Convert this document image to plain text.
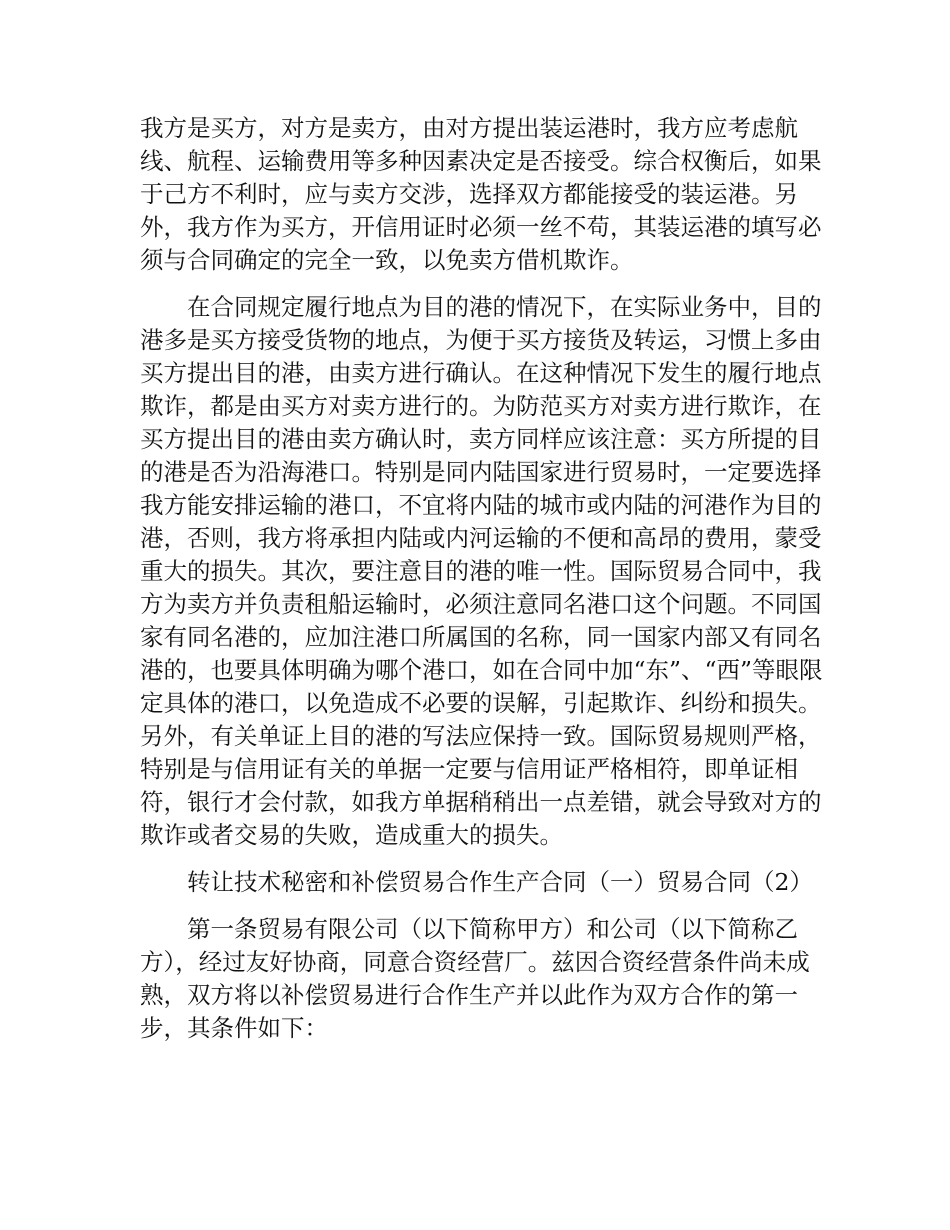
我方是买方，对方是卖方，由对方提出装运港时，我方应考虑航线、航程、运输费用等多种因素决定是否接受。综合权衡后，如果于己方不利时，应与卖方交涉，选择双方都能接受的装运港。另外，我方作为买方，开信用证时必须一丝不苟，其装运港的填写必须与合同确定的完全一致，以免卖方借机欺诈。

在合同规定履行地点为目的港的情况下，在实际业务中，目的港多是买方接受货物的地点，为便于买方接货及转运，习惯上多由买方提出目的港，由卖方进行确认。在这种情况下发生的履行地点欺诈，都是由买方对卖方进行的。为防范买方对卖方进行欺诈，在买方提出目的港由卖方确认时，卖方同样应该注意：买方所提的目的港是否为沿海港口。特别是同内陆国家进行贸易时，一定要选择我方能安排运输的港口，不宜将内陆的城市或内陆的河港作为目的港，否则，我方将承担内陆或内河运输的不便和高昂的费用，蒙受重大的损失。其次，要注意目的港的唯一性。国际贸易合同中，我方为卖方并负责租船运输时，必须注意同名港口这个问题。不同国家有同名港的，应加注港口所属国的名称，同一国家内部又有同名港的，也要具体明确为哪个港口，如在合同中加“东”、“西”等眼限定具体的港口，以免造成不必要的误解，引起欺诈、纠纷和损失。另外，有关单证上目的港的写法应保持一致。国际贸易规则严格，特别是与信用证有关的单据一定要与信用证严格相符，即单证相符，银行才会付款，如我方单据稍稍出一点差错，就会导致对方的欺诈或者交易的失败，造成重大的损失。

转让技术秘密和补偿贸易合作生产合同（一）贸易合同（2）

第一条贸易有限公司（以下简称甲方）和公司（以下简称乙方），经过友好协商，同意合资经营厂。兹因合资经营条件尚未成熟，双方将以补偿贸易进行合作生产并以此作为双方合作的第一步，其条件如下：
